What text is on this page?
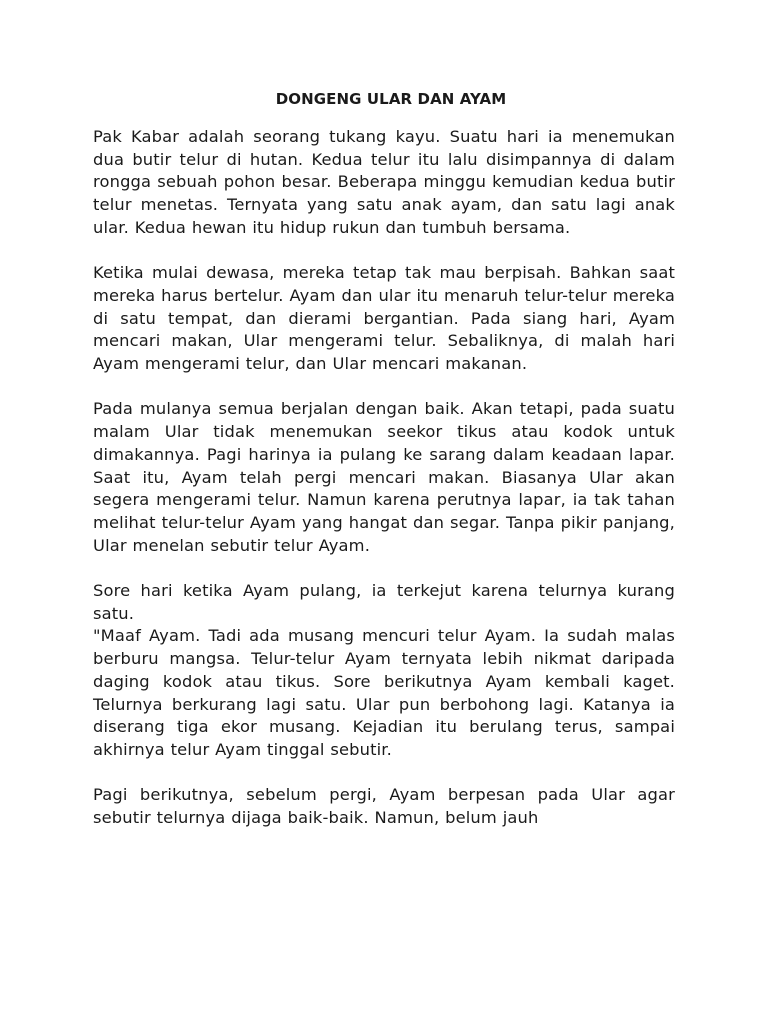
DONGENG ULAR DAN AYAM

Pak Kabar adalah seorang tukang kayu. Suatu hari ia menemukan dua butir telur di hutan. Kedua telur itu lalu disimpannya di dalam rongga sebuah pohon besar. Beberapa minggu kemudian kedua butir telur menetas. Ternyata yang satu anak ayam, dan satu lagi anak ular. Kedua hewan itu hidup rukun dan tumbuh bersama.

Ketika mulai dewasa, mereka tetap tak mau berpisah. Bahkan saat mereka harus bertelur. Ayam dan ular itu menaruh telur-telur mereka di satu tempat, dan dierami bergantian. Pada siang hari, Ayam mencari makan, Ular mengerami telur. Sebaliknya, di malah hari Ayam mengerami telur, dan Ular mencari makanan.

Pada mulanya semua berjalan dengan baik. Akan tetapi, pada suatu malam Ular tidak menemukan seekor tikus atau kodok untuk dimakannya. Pagi harinya ia pulang ke sarang dalam keadaan lapar. Saat itu, Ayam telah pergi mencari makan. Biasanya Ular akan segera mengerami telur. Namun karena perutnya lapar, ia tak tahan melihat telur-telur Ayam yang hangat dan segar. Tanpa pikir panjang, Ular menelan sebutir telur Ayam.

Sore hari ketika Ayam pulang, ia terkejut karena telurnya kurang satu.

"Maaf Ayam. Tadi ada musang mencuri telur Ayam. Ia sudah malas berburu mangsa. Telur-telur Ayam ternyata lebih nikmat daripada daging kodok atau tikus. Sore berikutnya Ayam kembali kaget. Telurnya berkurang lagi satu. Ular pun berbohong lagi. Katanya ia diserang tiga ekor musang. Kejadian itu berulang terus, sampai akhirnya telur Ayam tinggal sebutir.

Pagi berikutnya, sebelum pergi, Ayam berpesan pada Ular agar sebutir telurnya dijaga baik-baik. Namun, belum jauh
